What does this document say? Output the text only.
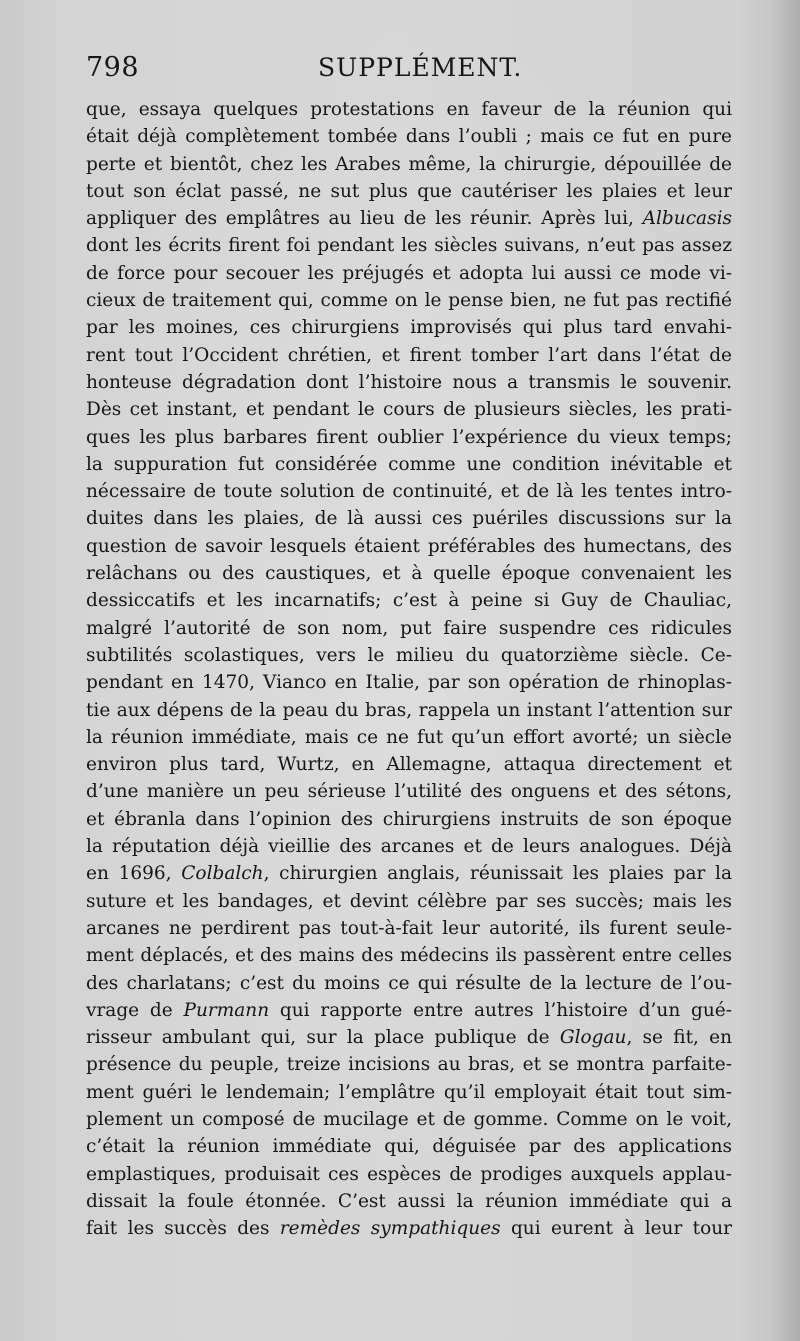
798	SUPPLÉMENT.
que, essaya quelques protestations en faveur de la réunion qui
était déjà complètement tombée dans l’oubli ; mais ce fut en pure
perte et bientôt, chez les Arabes même, la chirurgie, dépouillée de
tout son éclat passé, ne sut plus que cautériser les plaies et leur
appliquer des emplâtres au lieu de les réunir. Après lui, Albucasis
dont les écrits firent foi pendant les siècles suivans, n’eut pas assez
de force pour secouer les préjugés et adopta lui aussi ce mode vi-
cieux de traitement qui, comme on le pense bien, ne fut pas rectifié
par les moines, ces chirurgiens improvisés qui plus tard envahi-
rent tout l’Occident chrétien, et firent tomber l’art dans l’état de
honteuse dégradation dont l’histoire nous a transmis le souvenir.
Dès cet instant, et pendant le cours de plusieurs siècles, les prati-
ques les plus barbares firent oublier l’expérience du vieux temps;
la suppuration fut considérée comme une condition inévitable et
nécessaire de toute solution de continuité, et de là les tentes intro-
duites dans les plaies, de là aussi ces puériles discussions sur la
question de savoir lesquels étaient préférables des humectans, des
relâchans ou des caustiques, et à quelle époque convenaient les
dessiccatifs et les incarnatifs; c’est à peine si Guy de Chauliac,
malgré l’autorité de son nom, put faire suspendre ces ridicules
subtilités scolastiques, vers le milieu du quatorzième siècle. Ce-
pendant en 1470, Vianco en Italie, par son opération de rhinoplas-
tie aux dépens de la peau du bras, rappela un instant l’attention sur
la réunion immédiate, mais ce ne fut qu’un effort avorté; un siècle
environ plus tard, Wurtz, en Allemagne, attaqua directement et
d’une manière un peu sérieuse l’utilité des onguens et des sétons,
et ébranla dans l’opinion des chirurgiens instruits de son époque
la réputation déjà vieillie des arcanes et de leurs analogues. Déjà
en 1696, Colbalch, chirurgien anglais, réunissait les plaies par la
suture et les bandages, et devint célèbre par ses succès; mais les
arcanes ne perdirent pas tout-à-fait leur autorité, ils furent seule-
ment déplacés, et des mains des médecins ils passèrent entre celles
des charlatans; c’est du moins ce qui résulte de la lecture de l’ou-
vrage de Purmann qui rapporte entre autres l’histoire d’un gué-
risseur ambulant qui, sur la place publique de Glogau, se fit, en
présence du peuple, treize incisions au bras, et se montra parfaite-
ment guéri le lendemain; l’emplâtre qu’il employait était tout sim-
plement un composé de mucilage et de gomme. Comme on le voit,
c’était la réunion immédiate qui, déguisée par des applications
emplastiques, produisait ces espèces de prodiges auxquels applau-
dissait la foule étonnée. C’est aussi la réunion immédiate qui a
fait les succès des remèdes sympathiques qui eurent à leur tour
